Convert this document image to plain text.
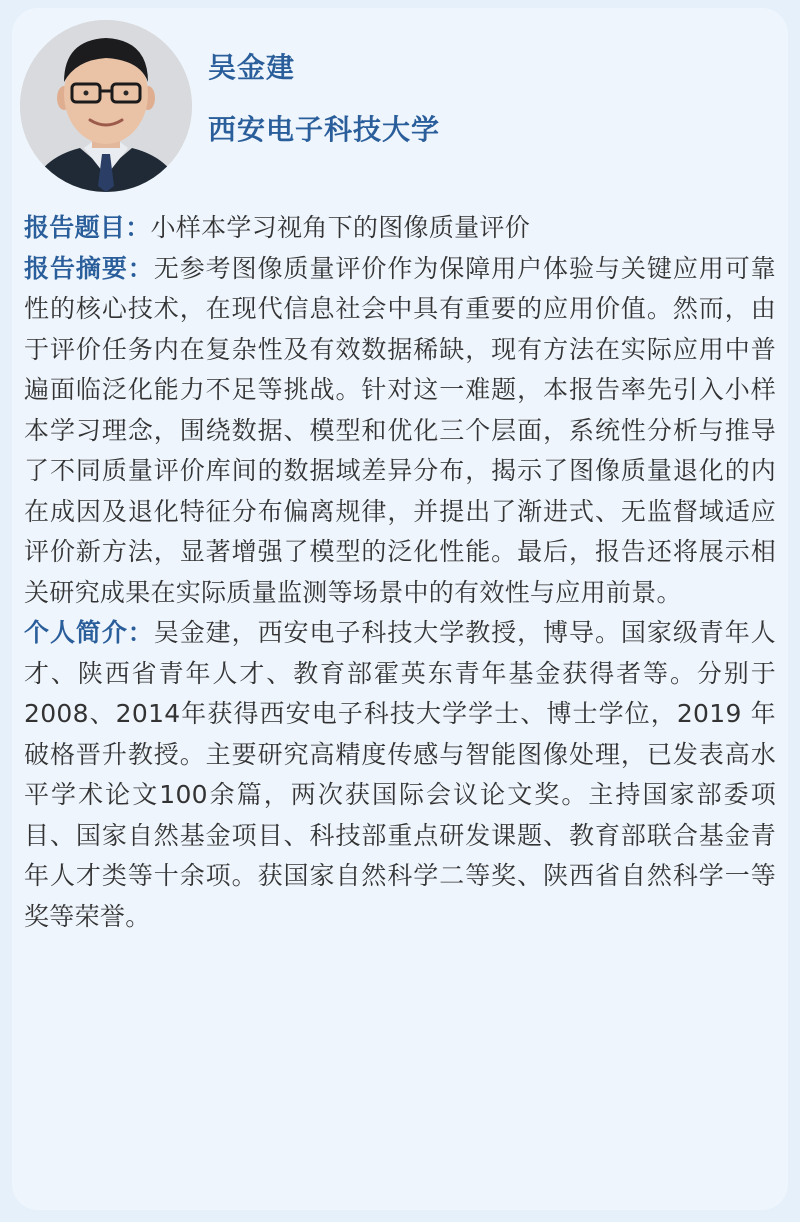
吴金建
西安电子科技大学

报告题目：小样本学习视角下的图像质量评价

报告摘要：无参考图像质量评价作为保障用户体验与关键应用可靠性的核心技术，在现代信息社会中具有重要的应用价值。然而，由于评价任务内在复杂性及有效数据稀缺，现有方法在实际应用中普遍面临泛化能力不足等挑战。针对这一难题，本报告率先引入小样本学习理念，围绕数据、模型和优化三个层面，系统性分析与推导了不同质量评价库间的数据域差异分布，揭示了图像质量退化的内在成因及退化特征分布偏离规律，并提出了渐进式、无监督域适应评价新方法，显著增强了模型的泛化性能。最后，报告还将展示相关研究成果在实际质量监测等场景中的有效性与应用前景。

个人简介：吴金建，西安电子科技大学教授，博导。国家级青年人才、陕西省青年人才、教育部霍英东青年基金获得者等。分别于2008、2014年获得西安电子科技大学学士、博士学位，2019 年破格晋升教授。主要研究高精度传感与智能图像处理，已发表高水平学术论文100余篇，两次获国际会议论文奖。主持国家部委项目、国家自然基金项目、科技部重点研发课题、教育部联合基金青年人才类等十余项。获国家自然科学二等奖、陕西省自然科学一等奖等荣誉。
